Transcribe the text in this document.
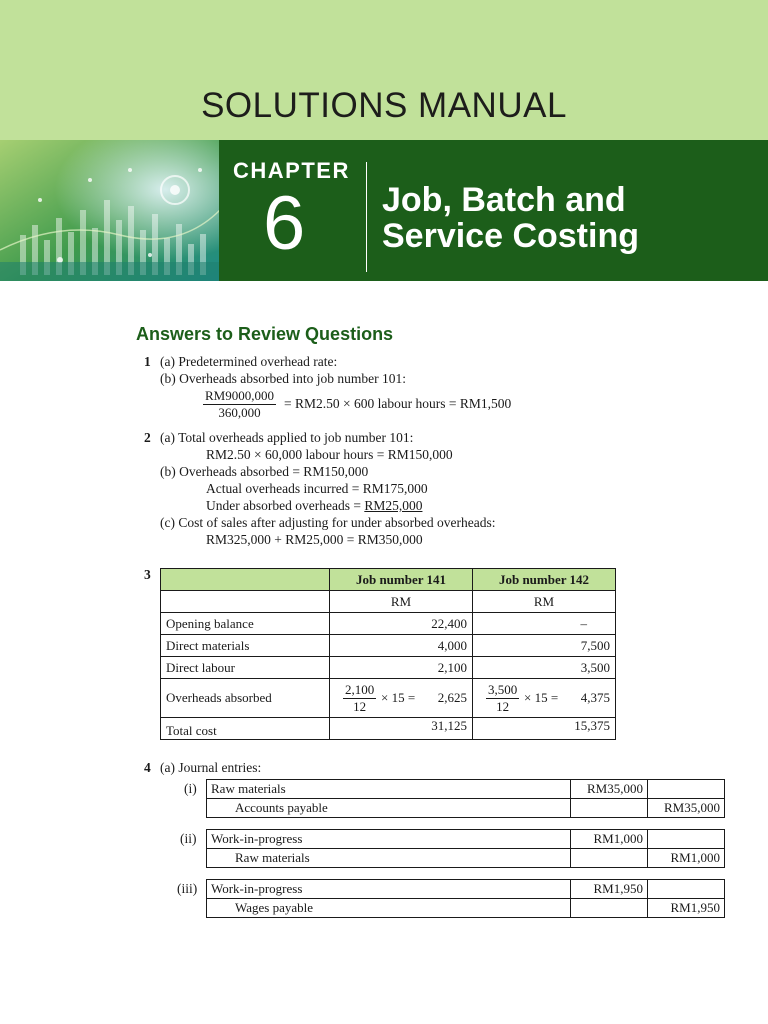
SOLUTIONS MANUAL
CHAPTER
6 Job, Batch and
Service Costing
Answers to Review Questions
1 (a) Predetermined overhead rate:
(b) Overheads absorbed into job number 101:
$\frac{RM9000,000}{360,000} = RM2.50 \times 600$ labour hours = RM1,500
2 (a) Total overheads applied to job number 101:
RM2.50 × 60,000 labour hours = RM150,000
(b) Overheads absorbed = RM150,000
Actual overheads incurred = RM175,000
Under absorbed overheads = RM25,000
(c) Cost of sales after adjusting for under absorbed overheads:
RM325,000 + RM25,000 = RM350,000
3
		Job number 141	Job number 142
	RM	RM
Opening balance	22,400	–
Direct materials	4,000	7,500
Direct labour	2,100	3,500
Overheads absorbed	$\frac{2,100}{12} \times 15 = 2,625$	$\frac{3,500}{12} \times 15 = 4,375$

Total cost	31,125	15,375
4 (a) Journal entries:
(i) Raw materials	RM35,000	
Accounts payable		RM35,000
(ii) Work-in-progress	RM1,000	
Raw materials		RM1,000
(iii) Work-in-progress	RM1,950	
Wages payable		RM1,950
